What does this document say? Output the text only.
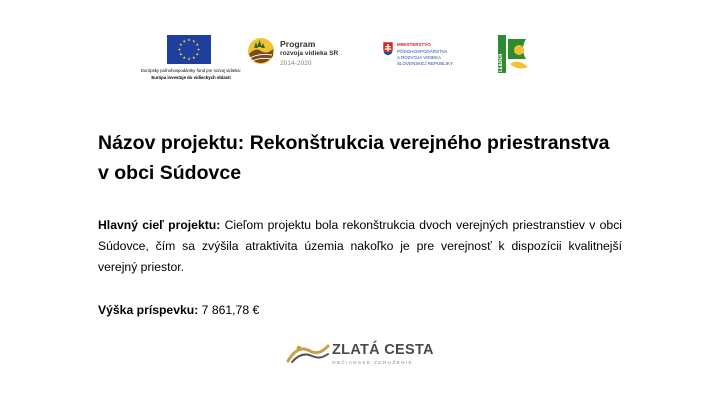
Európsky poľnohospodársky fond pre rozvoj vidieka:
Európa investuje do vidieckych oblastí
Program
rozvoja vidieka SR
2014-2020
MINISTERSTVO
PÔDOHOSPODÁRSTVA
A ROZVOJA VIDIEKA
SLOVENSKEJ REPUBLIKY	LEADER
Názov projektu: Rekonštrukcia verejného priestranstva v obci Súdovce

Hlavný cieľ projektu: Cieľom projektu bola rekonštrukcia dvoch verejných priestranstiev v obci Súdovce, čím sa zvýšila atraktivita územia nakoľko je pre verejnosť k dispozícii kvalitnejší verejný priestor.

Výška príspevku: 7 861,78 €

ZLATÁ CESTA
OBČIANSKE ZDRUŽENIE
